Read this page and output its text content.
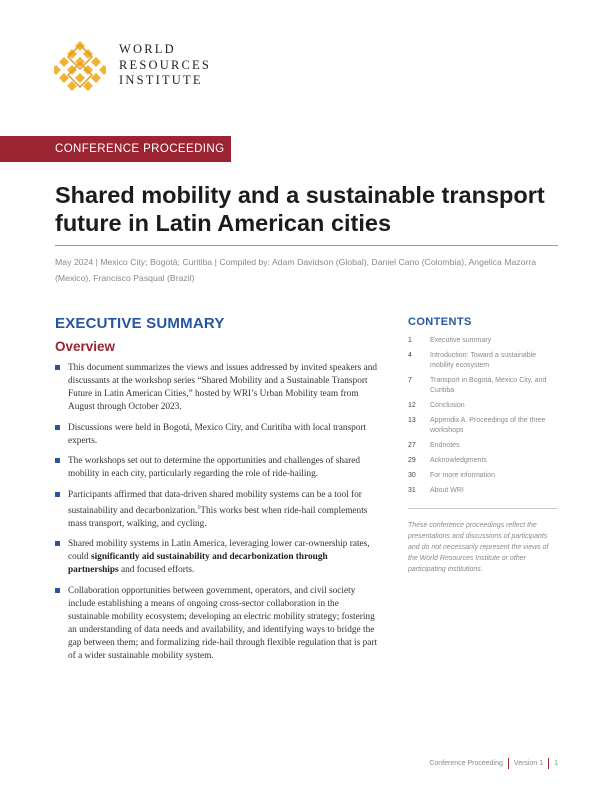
WORLD
RESOURCES
INSTITUTE
CONFERENCE PROCEEDING
Shared mobility and a sustainable transport future in Latin American cities
May 2024 | Mexico City; Bogotá; Curitiba | Compiled by: Adam Davidson (Global), Daniel Cano (Colombia), Angelica Mazorra (Mexico), Francisco Pasqual (Brazil)
EXECUTIVE SUMMARY
Overview
This document summarizes the views and issues addressed by invited speakers and discussants at the workshop series “Shared Mobility and a Sustainable Transport Future in Latin American Cities,” hosted by WRI’s Urban Mobility team from August through October 2023.
Discussions were held in Bogotá, Mexico City, and Curitiba with local transport experts.
The workshops set out to determine the opportunities and challenges of shared mobility in each city, particularly regarding the role of ride-hailing.
Participants affirmed that data-driven shared mobility systems can be a tool for sustainability and decarbonization.$^1$This works best when ride-hail complements mass transport, walking, and cycling.
Shared mobility systems in Latin America, leveraging lower car-ownership rates, could significantly aid sustainability and decarbonization through partnerships and focused efforts.
Collaboration opportunities between government, operators, and civil society include establishing a means of ongoing cross-sector collaboration in the sustainable mobility ecosystem; developing an electric mobility strategy; fostering an understanding of data needs and availability, and identifying ways to bridge the gap between them; and formalizing ride-hail through flexible regulation that is part of a wider sustainable mobility system.
CONTENTS
1	Executive summary
4	Introduction: Toward a sustainable mobility ecosystem
7	Transport in Bogotá, Mexico City, and Curitiba
12	Conclusion
13	Appendix A. Proceedings of the three workshops
27	Endnotes
29	Acknowledgments
30	For more information
31	About WRI

These conference proceedings reflect the presentations and discussions of participants and do not necessarily represent the views of the World Resources Institute or other participating institutions.

Conference Proceeding Version 1 1
